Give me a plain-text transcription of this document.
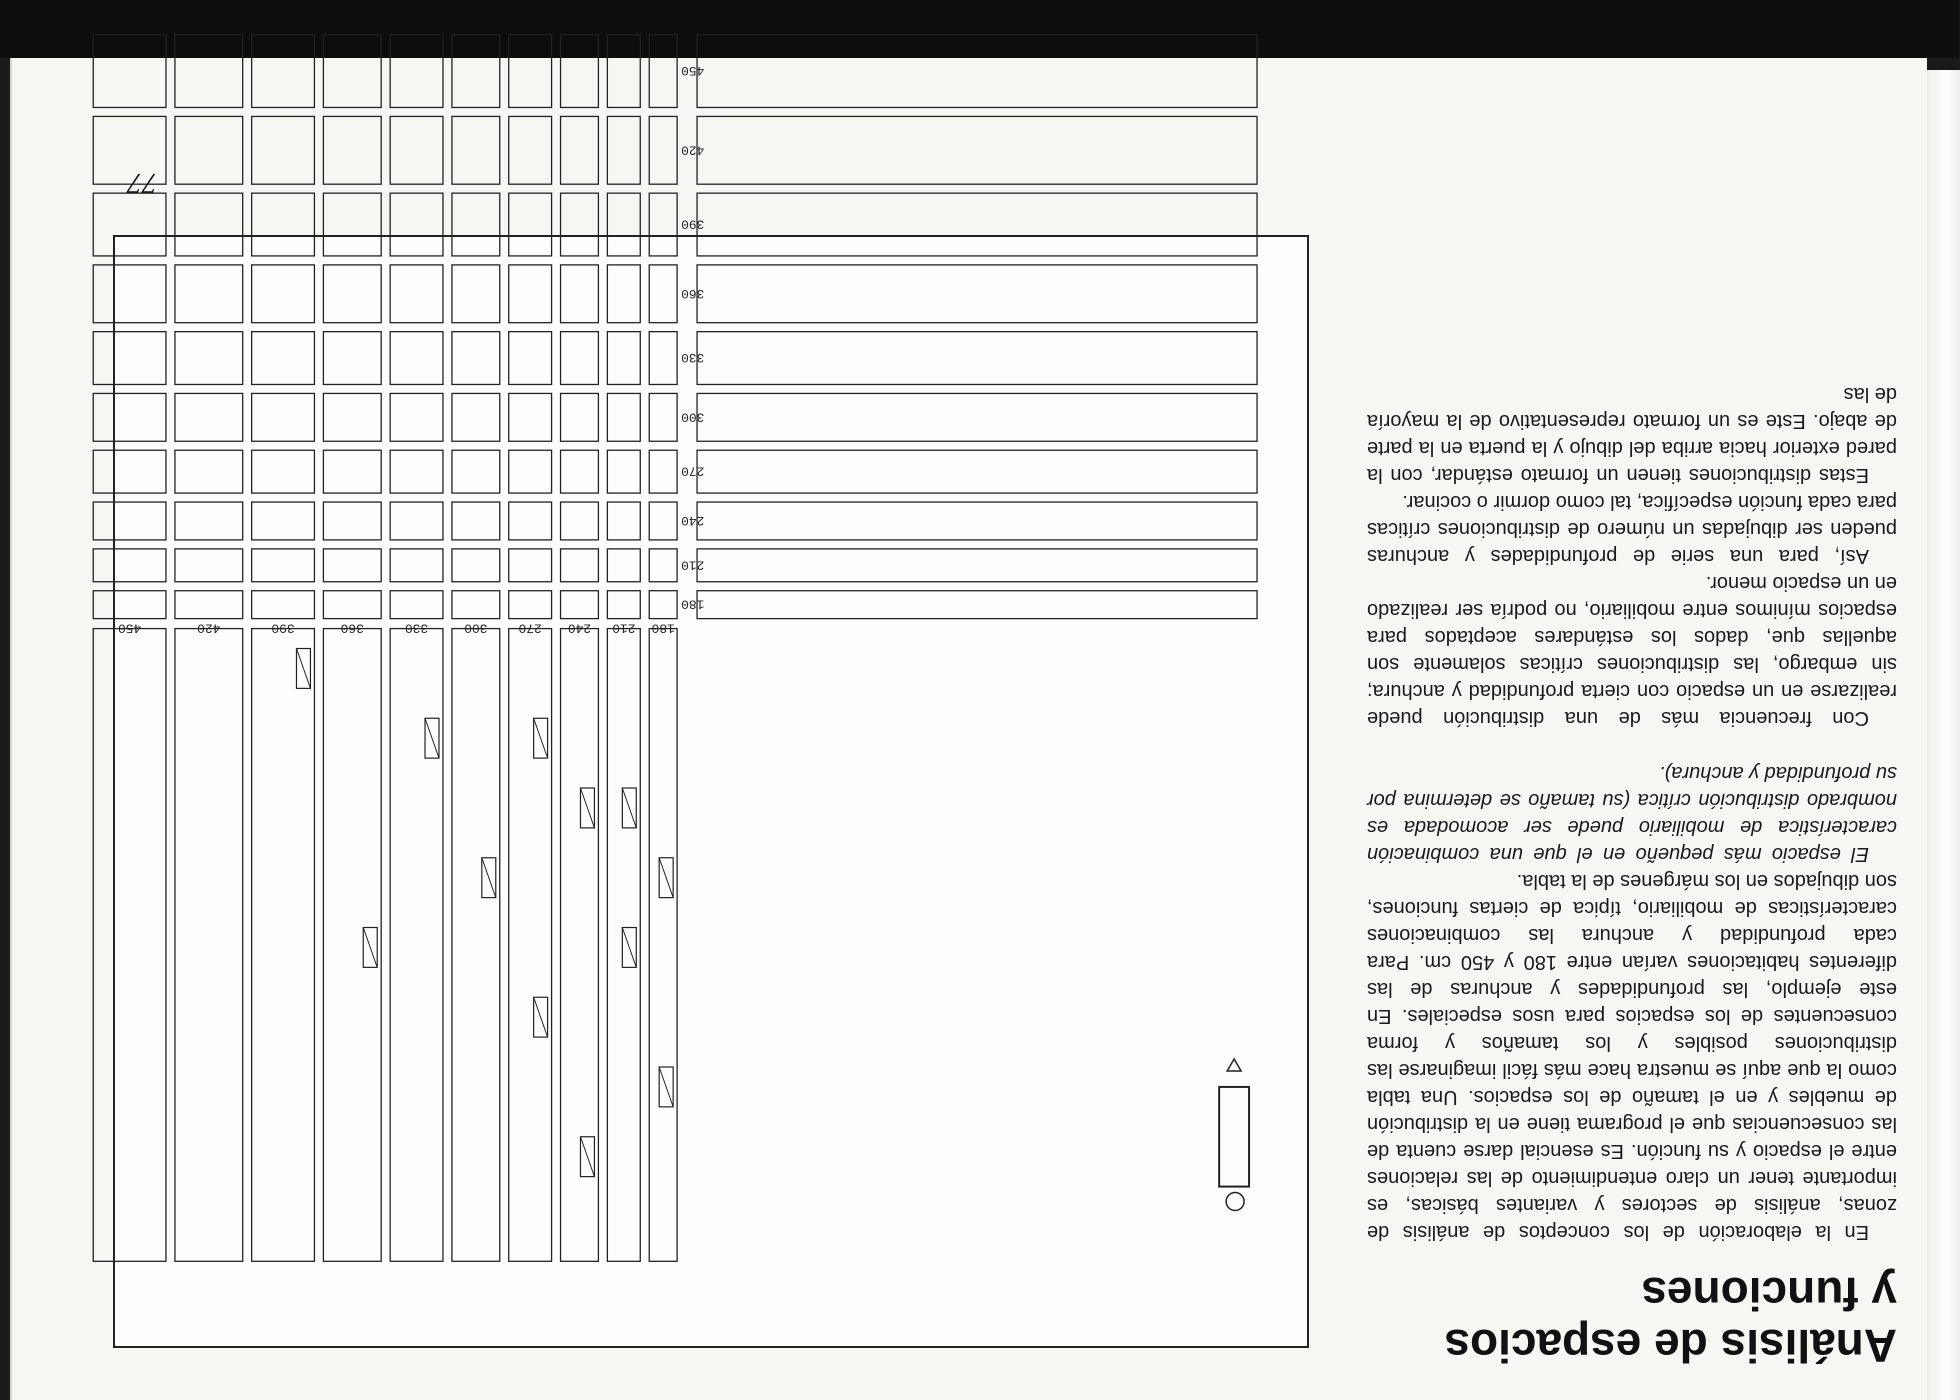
77

Análisis de espacios
y funciones

En la elaboración de los conceptos de análisis de zonas, análisis de sectores y variantes básicas, es importante tener un claro entendimiento de las relaciones entre el espacio y su función. Es esencial darse cuenta de las consecuencias que el programa tiene en la distribución de muebles y en el tamaño de los espacios. Una tabla como la que aquí se muestra hace más fácil imaginarse las distribuciones posibles y los tamaños y forma consecuentes de los espacios para usos especiales. En este ejemplo, las profundidades y anchuras de las diferentes habitaciones varían entre 180 y 450 cm. Para cada profundidad y anchura las combinaciones características de mobiliario, típica de ciertas funciones, son dibujados en los márgenes de la tabla.

El espacio más pequeño en el que una combinación característica de mobiliario puede ser acomodada es nombrado distribución crítica (su tamaño se determina por su profundidad y anchura).

Con frecuencia más de una distribución puede realizarse en un espacio con cierta profundidad y anchura; sin embargo, las distribuciones críticas solamente son aquellas que, dados los estándares aceptados para espacios mínimos entre mobiliario, no podría ser realizado en un espacio menor.

Así, para una serie de profundidades y anchuras pueden ser dibujadas un número de distribuciones críticas para cada función específica, tal como dormir o cocinar.

Estas distribuciones tienen un formato estándar, con la pared exterior hacia arriba del dibujo y la puerta en la parte de abajo. Este es un formato representativo de la mayoría de las

180
210
240
270
300
330
360
390
420
450
180
210
240
270
300
330
360
390
420
450
